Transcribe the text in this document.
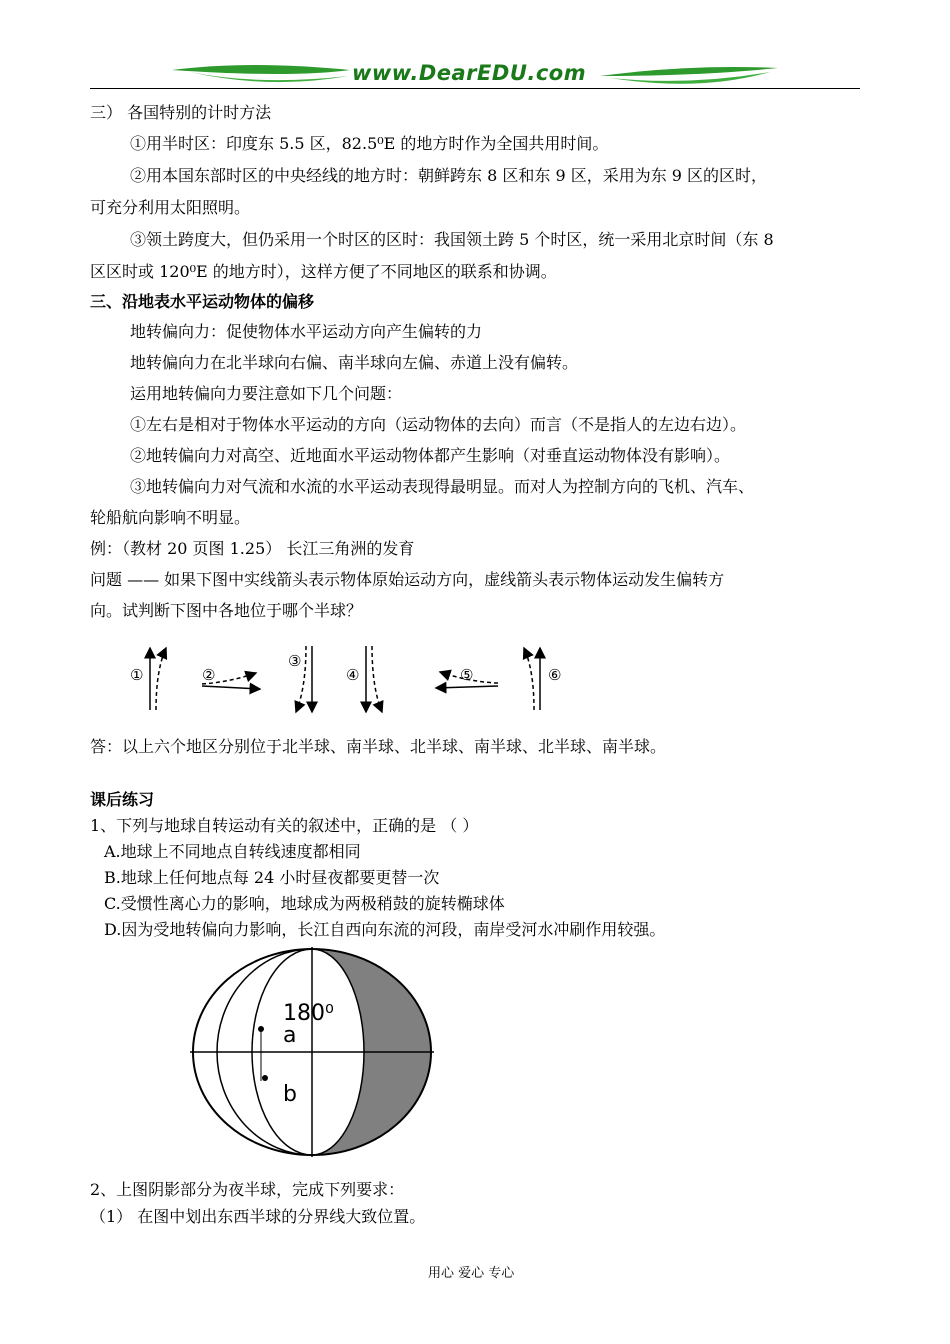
www.DearEDU.com
三） 各国特别的计时方法
①用半时区：印度东 5.5 区，82.5⁰E 的地方时作为全国共用时间。
②用本国东部时区的中央经线的地方时：朝鲜跨东 8 区和东 9 区，采用为东 9 区的区时，
可充分利用太阳照明。
③领土跨度大，但仍采用一个时区的区时：我国领土跨 5 个时区，统一采用北京时间（东 8
区区时或 120⁰E 的地方时），这样方便了不同地区的联系和协调。
三、沿地表水平运动物体的偏移
地转偏向力：促使物体水平运动方向产生偏转的力
地转偏向力在北半球向右偏、南半球向左偏、赤道上没有偏转。
运用地转偏向力要注意如下几个问题：
①左右是相对于物体水平运动的方向（运动物体的去向）而言（不是指人的左边右边）。
②地转偏向力对高空、近地面水平运动物体都产生影响（对垂直运动物体没有影响）。
③地转偏向力对气流和水流的水平运动表现得最明显。而对人为控制方向的飞机、汽车、
轮船航向影响不明显。
例：（教材 20 页图 1.25） 长江三角洲的发育
问题 —— 如果下图中实线箭头表示物体原始运动方向，虚线箭头表示物体运动发生偏转方
向。试判断下图中各地位于哪个半球？
①	②
③
④	⑤	⑥
答：以上六个地区分别位于北半球、南半球、北半球、南半球、北半球、南半球。
课后练习
1、下列与地球自转运动有关的叙述中，正确的是 （ ）
A.地球上不同地点自转线速度都相同
B.地球上任何地点每 24 小时昼夜都要更替一次
C.受惯性离心力的影响，地球成为两极稍鼓的旋转椭球体
D.因为受地转偏向力影响，长江自西向东流的河段，南岸受河水冲刷作用较强。
180⁰
a
b
2、上图阴影部分为夜半球，完成下列要求：
（1） 在图中划出东西半球的分界线大致位置。
用心 爱心 专心
